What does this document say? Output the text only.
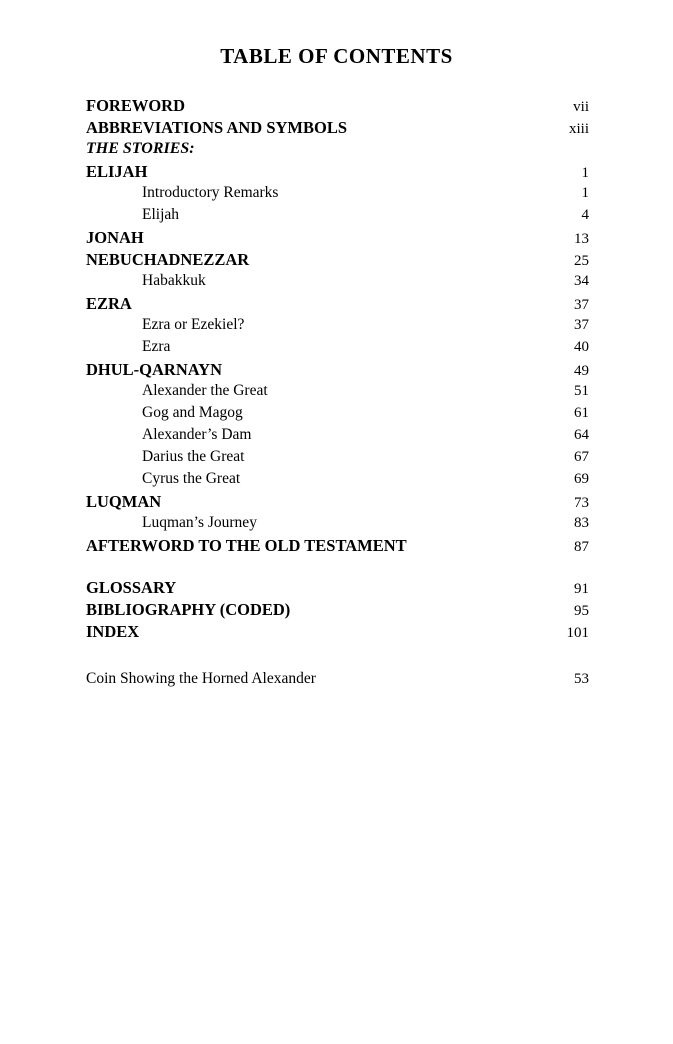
TABLE OF CONTENTS
FOREWORD	vii
ABBREVIATIONS AND SYMBOLS	xiii
THE STORIES:
ELIJAH	1
Introductory Remarks	1
Elijah	4
JONAH	13
NEBUCHADNEZZAR	25
Habakkuk	34
EZRA	37
Ezra or Ezekiel?	37
Ezra	40
DHUL-QARNAYN	49
Alexander the Great	51
Gog and Magog	61
Alexander’s Dam	64
Darius the Great	67
Cyrus the Great	69
LUQMAN	73
Luqman’s Journey	83
AFTERWORD TO THE OLD TESTAMENT	87
GLOSSARY	91
BIBLIOGRAPHY (CODED)	95
INDEX	101
Coin Showing the Horned Alexander	53
